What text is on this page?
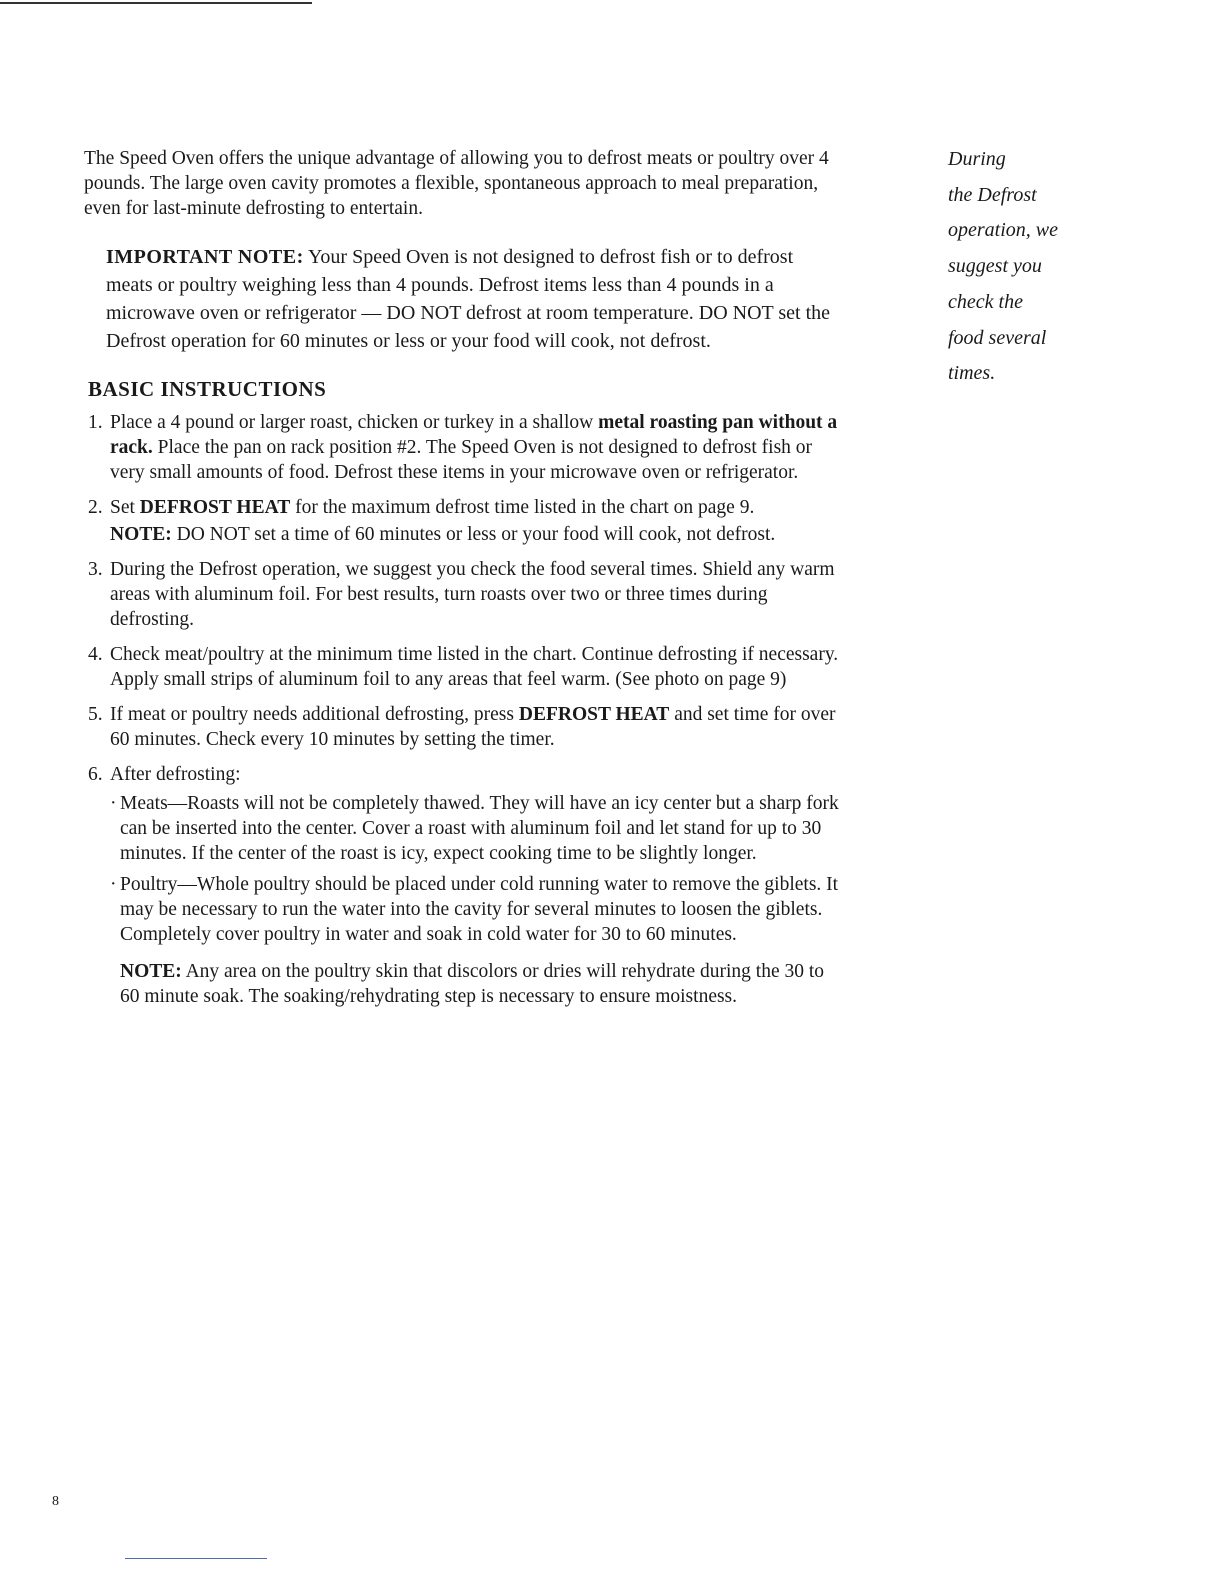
The Speed Oven offers the unique advantage of allowing you to defrost meats or poultry over 4 pounds. The large oven cavity promotes a flexible, spontaneous approach to meal preparation, even for last-minute defrosting to entertain.

IMPORTANT NOTE: Your Speed Oven is not designed to defrost fish or to defrost meats or poultry weighing less than 4 pounds. Defrost items less than 4 pounds in a microwave oven or refrigerator — DO NOT defrost at room temperature. DO NOT set the Defrost operation for 60 minutes or less or your food will cook, not defrost.

BASIC INSTRUCTIONS
1. Place a 4 pound or larger roast, chicken or turkey in a shallow metal roasting pan without a rack. Place the pan on rack position #2. The Speed Oven is not designed to defrost fish or very small amounts of food. Defrost these items in your microwave oven or refrigerator.
2. Set DEFROST HEAT for the maximum defrost time listed in the chart on page 9.
NOTE: DO NOT set a time of 60 minutes or less or your food will cook, not defrost.
3. During the Defrost operation, we suggest you check the food several times. Shield any warm areas with aluminum foil. For best results, turn roasts over two or three times during defrosting.
4. Check meat/poultry at the minimum time listed in the chart. Continue defrosting if necessary. Apply small strips of aluminum foil to any areas that feel warm. (See photo on page 9)
5. If meat or poultry needs additional defrosting, press DEFROST HEAT and set time for over 60 minutes. Check every 10 minutes by setting the timer.
6. After defrosting:
· Meats—Roasts will not be completely thawed. They will have an icy center but a sharp fork can be inserted into the center. Cover a roast with aluminum foil and let stand for up to 30 minutes. If the center of the roast is icy, expect cooking time to be slightly longer.
· Poultry—Whole poultry should be placed under cold running water to remove the giblets. It may be necessary to run the water into the cavity for several minutes to loosen the giblets. Completely cover poultry in water and soak in cold water for 30 to 60 minutes.

NOTE: Any area on the poultry skin that discolors or dries will rehydrate during the 30 to 60 minute soak. The soaking/rehydrating step is necessary to ensure moistness.

During
the Defrost
operation, we
suggest you
check the
food several
times.
8
